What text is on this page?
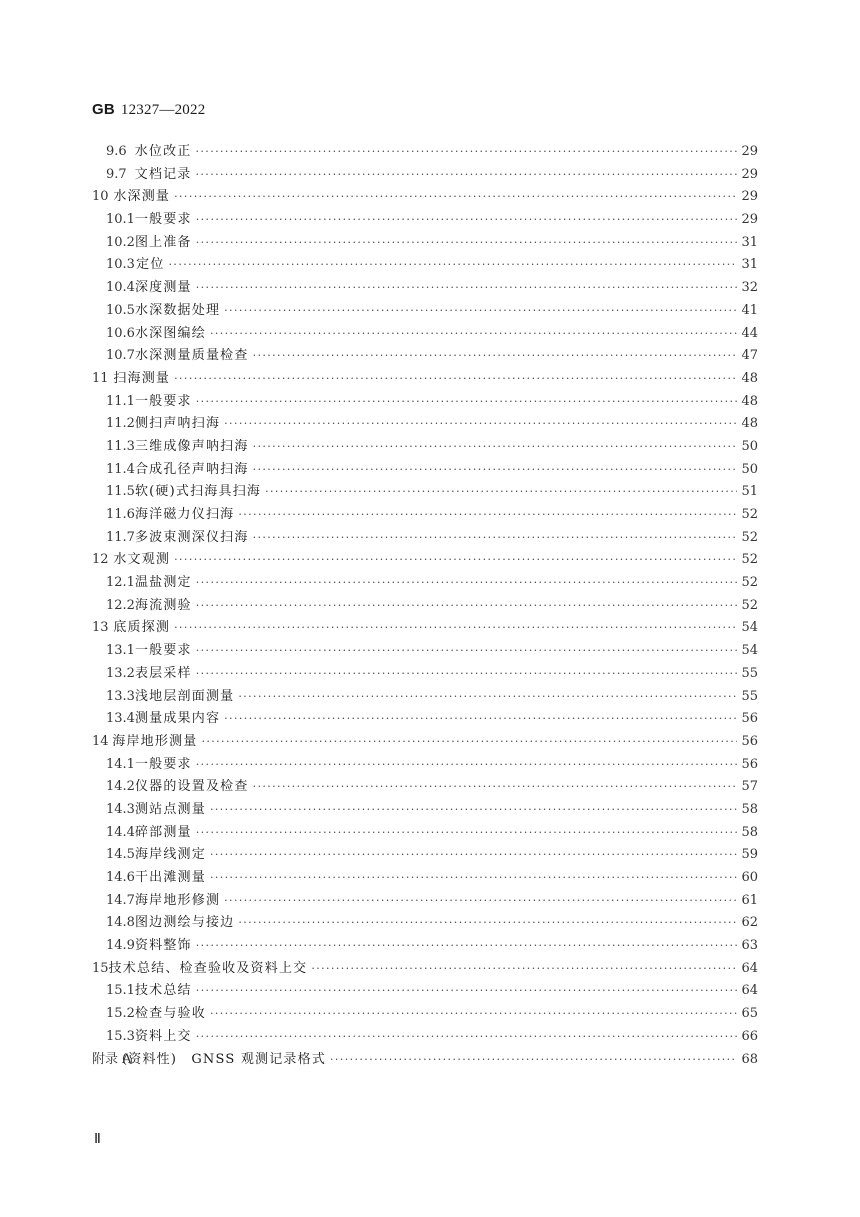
GB 12327—2022
9.6 水位改正 ·····	29
9.7 文档记录 ·····	29
10 水深测量 ·····	29
10.1 一般要求 ·····	29
10.2 图上准备 ·····	31
10.3 定位 ·····	31
10.4 深度测量 ·····	32
10.5 水深数据处理 ·····	41
10.6 水深图编绘 ·····	44
10.7 水深测量质量检查 ·····	47
11 扫海测量 ·····	48
11.1 一般要求 ·····	48
11.2 侧扫声呐扫海 ·····	48
11.3 三维成像声呐扫海 ·····	50
11.4 合成孔径声呐扫海 ·····	50
11.5 软(硬)式扫海具扫海 ·····	51
11.6 海洋磁力仪扫海 ·····	52
11.7 多波束测深仪扫海 ·····	52
12 水文观测 ·····	52
12.1 温盐测定 ·····	52
12.2 海流测验 ·····	52
13 底质探测 ·····	54
13.1 一般要求 ·····	54
13.2 表层采样 ·····	55
13.3 浅地层剖面测量 ·····	55
13.4 测量成果内容 ·····	56
14 海岸地形测量 ·····	56
14.1 一般要求 ·····	56
14.2 仪器的设置及检查 ·····	57
14.3 测站点测量 ·····	58
14.4 碎部测量 ·····	58
14.5 海岸线测定 ·····	59
14.6 干出滩测量 ·····	60
14.7 海岸地形修测 ·····	61
14.8 图边测绘与接边 ·····	62
14.9 资料整饰 ·····	63
15 技术总结、检查验收及资料上交 ·····	64
15.1 技术总结 ·····	64
15.2 检查与验收 ·····	65
15.3 资料上交 ·····	66
附录 A
(资料性)　GNSS 观测记录格式 ·····	68
Ⅱ
